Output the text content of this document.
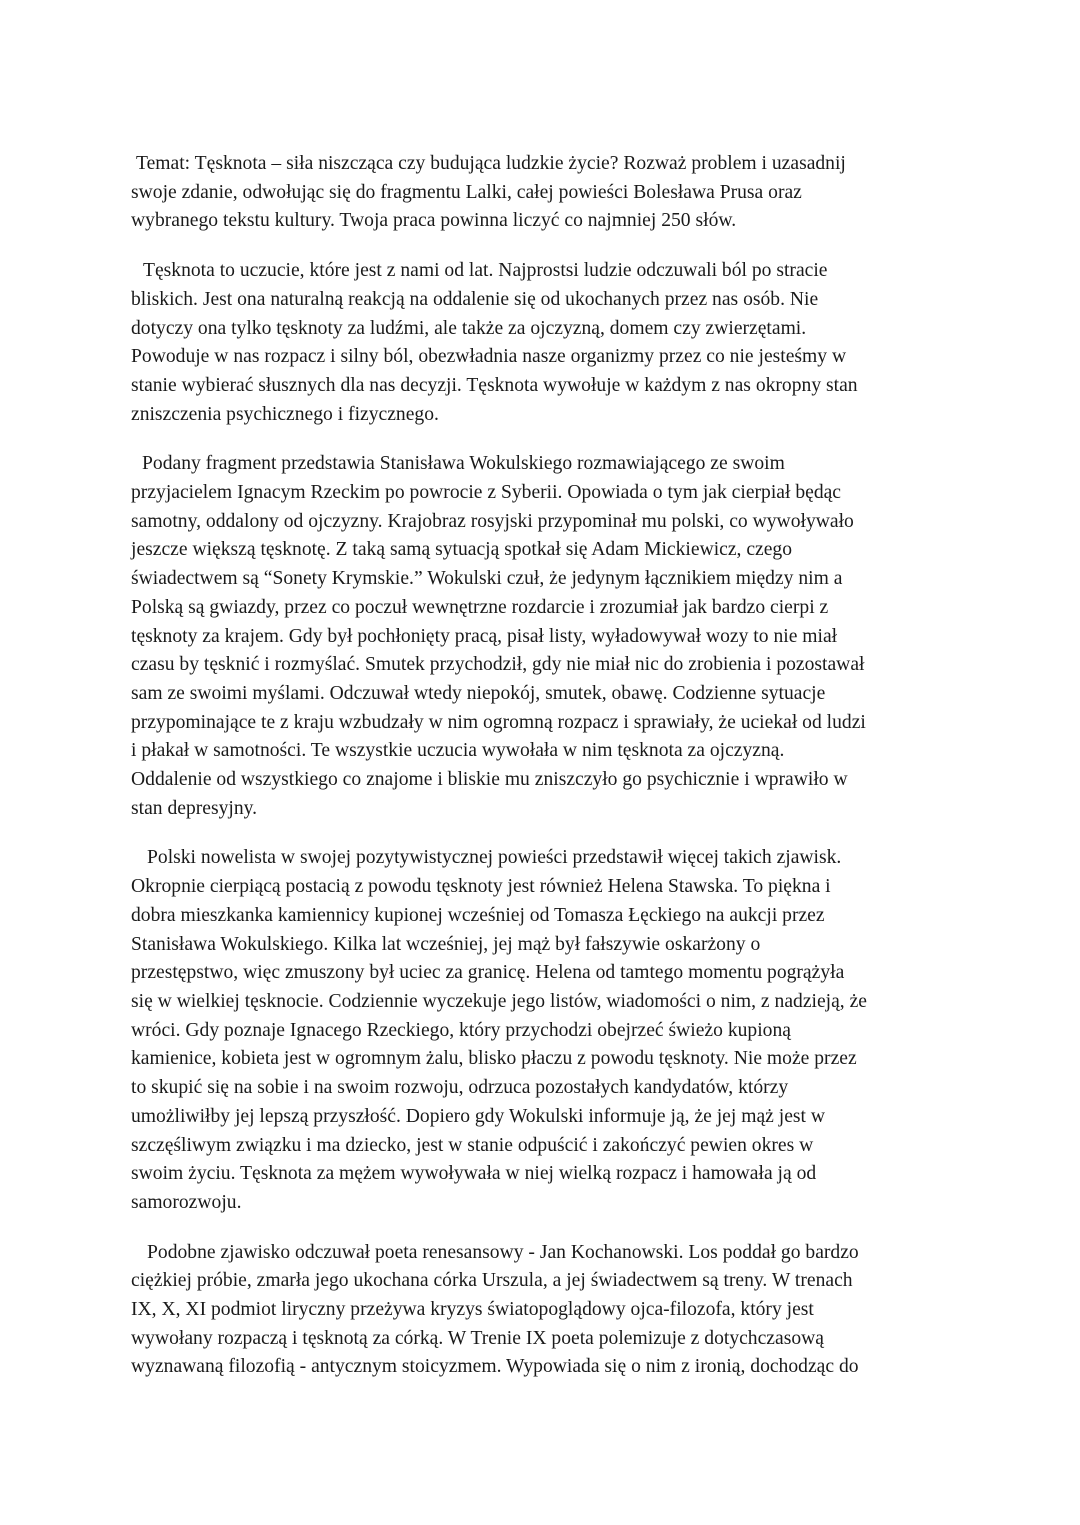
Temat: Tęsknota – siła niszcząca czy budująca ludzkie życie? Rozważ problem i uzasadnij
swoje zdanie, odwołując się do fragmentu Lalki, całej powieści Bolesława Prusa oraz
wybranego tekstu kultury. Twoja praca powinna liczyć co najmniej 250 słów.

Tęsknota to uczucie, które jest z nami od lat. Najprostsi ludzie odczuwali ból po stracie
bliskich. Jest ona naturalną reakcją na oddalenie się od ukochanych przez nas osób. Nie
dotyczy ona tylko tęsknoty za ludźmi, ale także za ojczyzną, domem czy zwierzętami.
Powoduje w nas rozpacz i silny ból, obezwładnia nasze organizmy przez co nie jesteśmy w
stanie wybierać słusznych dla nas decyzji. Tęsknota wywołuje w każdym z nas okropny stan
zniszczenia psychicznego i fizycznego.

Podany fragment przedstawia Stanisława Wokulskiego rozmawiającego ze swoim
przyjacielem Ignacym Rzeckim po powrocie z Syberii. Opowiada o tym jak cierpiał będąc
samotny, oddalony od ojczyzny. Krajobraz rosyjski przypominał mu polski, co wywoływało
jeszcze większą tęsknotę. Z taką samą sytuacją spotkał się Adam Mickiewicz, czego
świadectwem są “Sonety Krymskie.” Wokulski czuł, że jedynym łącznikiem między nim a
Polską są gwiazdy, przez co poczuł wewnętrzne rozdarcie i zrozumiał jak bardzo cierpi z
tęsknoty za krajem. Gdy był pochłonięty pracą, pisał listy, wyładowywał wozy to nie miał
czasu by tęsknić i rozmyślać. Smutek przychodził, gdy nie miał nic do zrobienia i pozostawał
sam ze swoimi myślami. Odczuwał wtedy niepokój, smutek, obawę. Codzienne sytuacje
przypominające te z kraju wzbudzały w nim ogromną rozpacz i sprawiały, że uciekał od ludzi
i płakał w samotności. Te wszystkie uczucia wywołała w nim tęsknota za ojczyzną.
Oddalenie od wszystkiego co znajome i bliskie mu zniszczyło go psychicznie i wprawiło w
stan depresyjny.

Polski nowelista w swojej pozytywistycznej powieści przedstawił więcej takich zjawisk.
Okropnie cierpiącą postacią z powodu tęsknoty jest również Helena Stawska. To piękna i
dobra mieszkanka kamiennicy kupionej wcześniej od Tomasza Łęckiego na aukcji przez
Stanisława Wokulskiego. Kilka lat wcześniej, jej mąż był fałszywie oskarżony o
przestępstwo, więc zmuszony był uciec za granicę. Helena od tamtego momentu pogrążyła
się w wielkiej tęsknocie. Codziennie wyczekuje jego listów, wiadomości o nim, z nadzieją, że
wróci. Gdy poznaje Ignacego Rzeckiego, który przychodzi obejrzeć świeżo kupioną
kamienice, kobieta jest w ogromnym żalu, blisko płaczu z powodu tęsknoty. Nie może przez
to skupić się na sobie i na swoim rozwoju, odrzuca pozostałych kandydatów, którzy
umożliwiłby jej lepszą przyszłość. Dopiero gdy Wokulski informuje ją, że jej mąż jest w
szczęśliwym związku i ma dziecko, jest w stanie odpuścić i zakończyć pewien okres w
swoim życiu. Tęsknota za mężem wywoływała w niej wielką rozpacz i hamowała ją od
samorozwoju.

Podobne zjawisko odczuwał poeta renesansowy - Jan Kochanowski. Los poddał go bardzo
ciężkiej próbie, zmarła jego ukochana córka Urszula, a jej świadectwem są treny. W trenach
IX, X, XI podmiot liryczny przeżywa kryzys światopoglądowy ojca-filozofa, który jest
wywołany rozpaczą i tęsknotą za córką. W Trenie IX poeta polemizuje z dotychczasową
wyznawaną filozofią - antycznym stoicyzmem. Wypowiada się o nim z ironią, dochodząc do
